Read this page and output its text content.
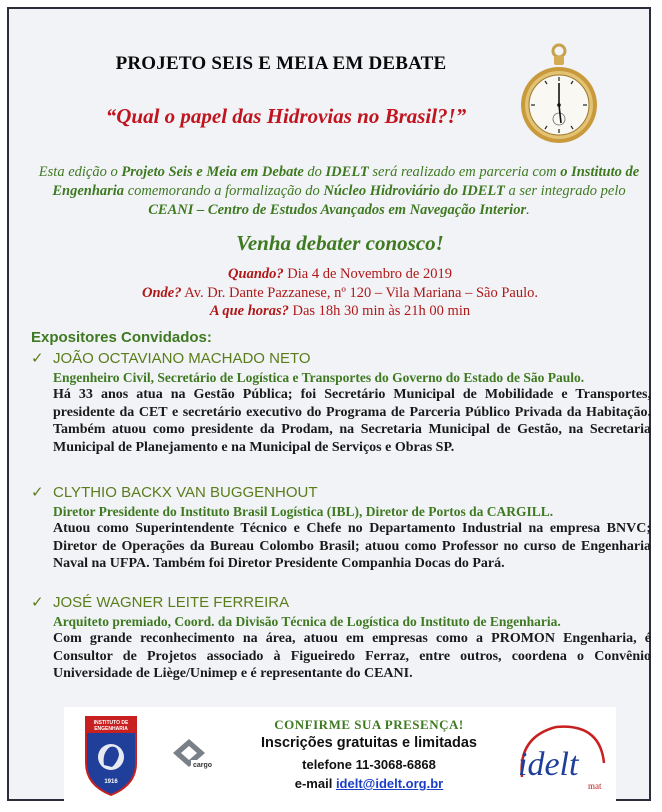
PROJETO SEIS E MEIA EM DEBATE
“Qual o papel das Hidrovias no Brasil?!”
Esta edição o Projeto Seis e Meia em Debate do IDELT será realizado em parceria com o Instituto de Engenharia comemorando a formalização do Núcleo Hidroviário do IDELT a ser integrado pelo CEANI – Centro de Estudos Avançados em Navegação Interior.
Venha debater conosco!
Quando? Dia 4 de Novembro de 2019
Onde? Av. Dr. Dante Pazzanese, nº 120 – Vila Mariana – São Paulo.
A que horas? Das 18h 30 min às 21h 00 min
Expositores Convidados:
✓ JOÃO OCTAVIANO MACHADO NETO
Engenheiro Civil, Secretário de Logística e Transportes do Governo do Estado de São Paulo.
Há 33 anos atua na Gestão Pública; foi Secretário Municipal de Mobilidade e Transportes, presidente da CET e secretário executivo do Programa de Parceria Público Privada da Habitação. Também atuou como presidente da Prodam, na Secretaria Municipal de Gestão, na Secretaria Municipal de Planejamento e na Municipal de Serviços e Obras SP.
✓ CLYTHIO BACKX VAN BUGGENHOUT
Diretor Presidente do Instituto Brasil Logística (IBL), Diretor de Portos da CARGILL.
Atuou como Superintendente Técnico e Chefe no Departamento Industrial na empresa BNVC; Diretor de Operações da Bureau Colombo Brasil; atuou como Professor no curso de Engenharia Naval na UFPA. Também foi Diretor Presidente Companhia Docas do Pará.
✓ JOSÉ WAGNER LEITE FERREIRA
Arquiteto premiado, Coord. da Divisão Técnica de Logística do Instituto de Engenharia.
Com grande reconhecimento na área, atuou em empresas como a PROMON Engenharia, é Consultor de Projetos associado à Figueiredo Ferraz, entre outros, coordena o Convênio Universidade de Liège/Unimep e é representante do CEANI.
INSTITUTO DE
ENGENHARIA
1916
cargo
CONFIRME SUA PRESENÇA!
Inscrições gratuitas e limitadas
telefone 11-3068-6868
e-mail idelt@idelt.org.br
idelt
mat
